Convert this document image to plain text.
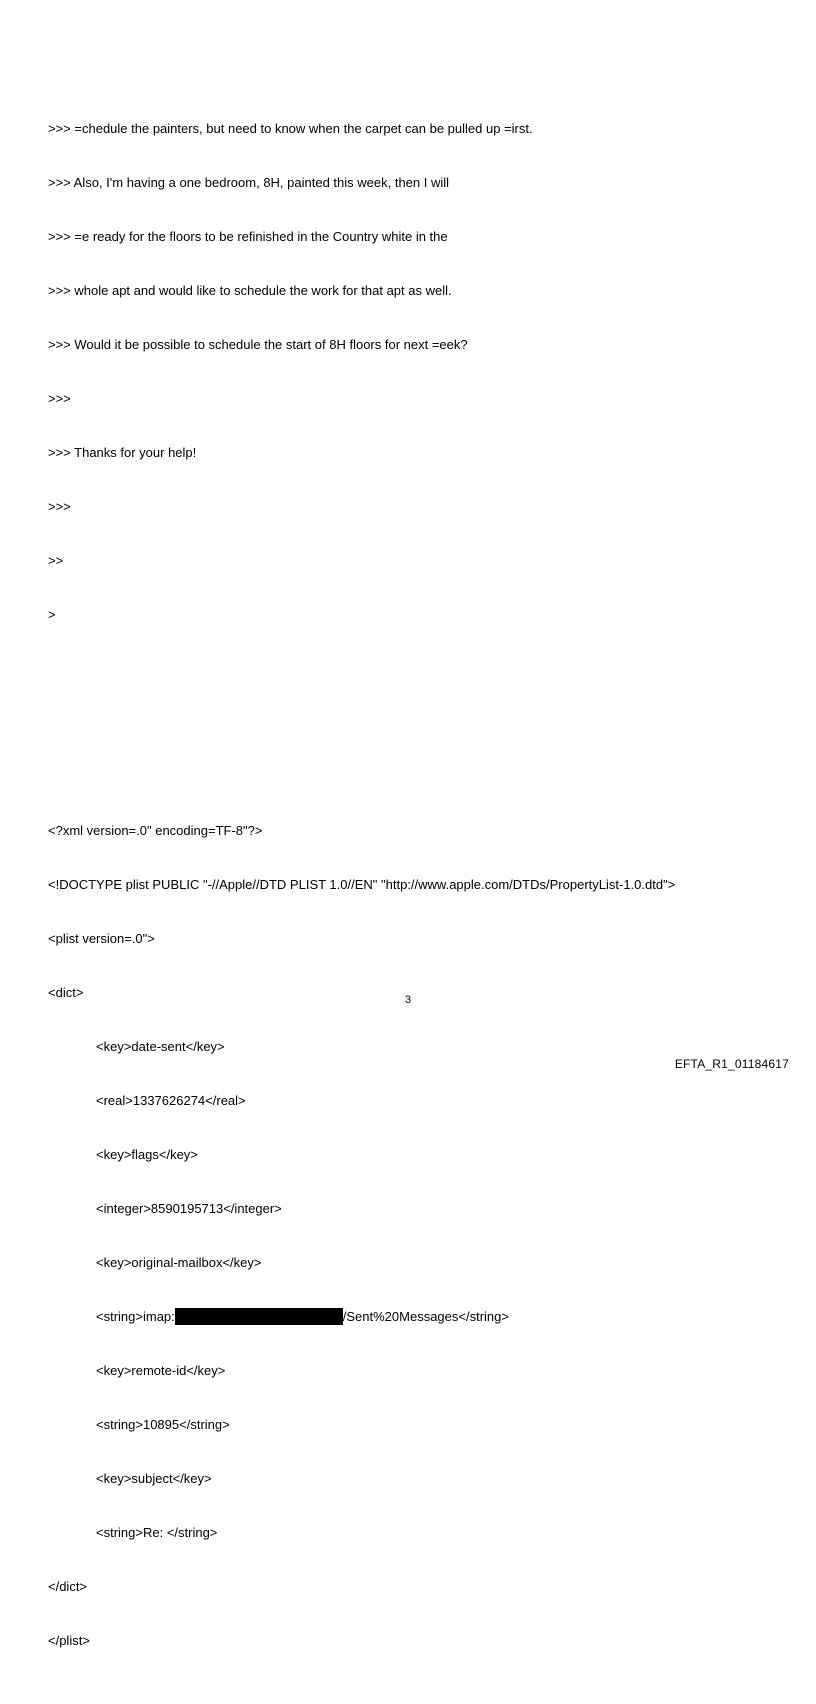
>>> =chedule the painters, but need to know when the carpet can be pulled up =irst.

>>> Also, I'm having a one bedroom, 8H, painted this week, then I will

>>> =e ready for the floors to be refinished in the Country white in the

>>> whole apt and would like to schedule the work for that apt as well.

>>> Would it be possible to schedule the start of 8H floors for next =eek?

>>>

>>> Thanks for your help!

>>>

>>

>

<?xml version=.0" encoding=TF-8"?>

<!DOCTYPE plist PUBLIC "-//Apple//DTD PLIST 1.0//EN" "http://www.apple.com/DTDs/PropertyList-1.0.dtd">

<plist version=.0">

<dict>

<key>date-sent</key>

<real>1337626274</real>

<key>flags</key>

<integer>8590195713</integer>

<key>original-mailbox</key>

<string>imap:	/Sent%20Messages</string>

<key>remote-id</key>

<string>10895</string>

<key>subject</key>

<string>Re: </string>

</dict>

</plist>

3
EFTA_R1_01184617
